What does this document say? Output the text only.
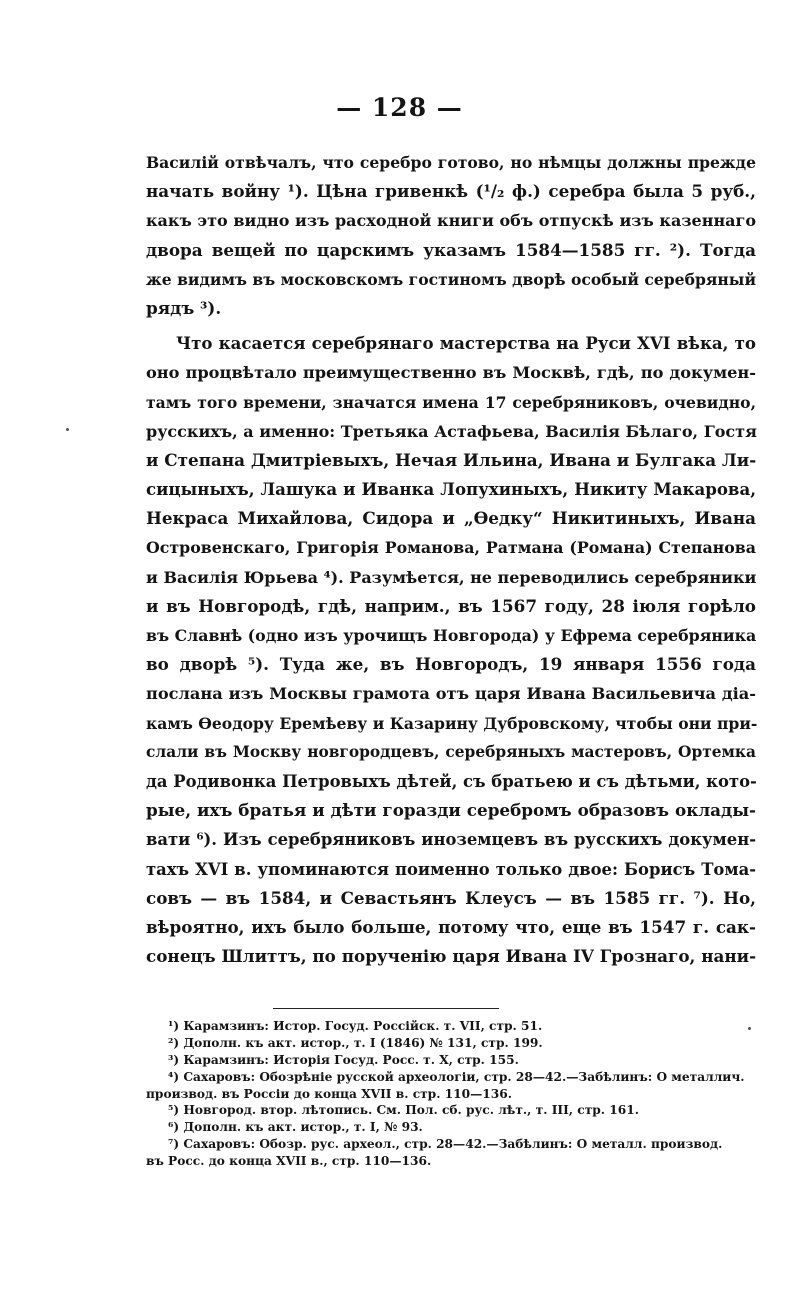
— 128 —
Василій отвѣчалъ, что серебро готово, но нѣмцы должны прежде
начать войну ¹). Цѣна гривенкѣ (¹/₂ ф.) серебра была 5 руб.,
какъ это видно изъ расходной книги объ отпускѣ изъ казеннаго
двора вещей по царскимъ указамъ 1584—1585 гг. ²). Тогда
же видимъ въ московскомъ гостиномъ дворѣ особый серебряный
рядъ ³).
Что касается серебрянаго мастерства на Руси XVI вѣка, то
оно процвѣтало преимущественно въ Москвѣ, гдѣ, по докумен-
тамъ того времени, значатся имена 17 серебряниковъ, очевидно,
русскихъ, а именно: Третьяка Астафьева, Василія Бѣлаго, Гостя
и Степана Дмитріевыхъ, Нечая Ильина, Ивана и Булгака Ли-
сицыныхъ, Лашука и Иванка Лопухиныхъ, Никиту Макарова,
Некраса Михайлова, Сидора и „Ѳедку“ Никитиныхъ, Ивана
Островенскаго, Григорія Романова, Ратмана (Романа) Степанова
и Василія Юрьева ⁴). Разумѣется, не переводились серебряники
и въ Новгородѣ, гдѣ, наприм., въ 1567 году, 28 іюля горѣло
въ Славнѣ (одно изъ урочищъ Новгорода) у Ефрема серебряника
во дворѣ ⁵). Туда же, въ Новгородъ, 19 января 1556 года
послана изъ Москвы грамота отъ царя Ивана Васильевича діа-
камъ Ѳеодору Еремѣеву и Казарину Дубровскому, чтобы они при-
слали въ Москву новгородцевъ, серебряныхъ мастеровъ, Ортемка
да Родивонка Петровыхъ дѣтей, съ братьею и съ дѣтьми, кото-
рые, ихъ братья и дѣти горазди серебромъ образовъ оклады-
вати ⁶). Изъ серебряниковъ иноземцевъ въ русскихъ докумен-
тахъ XVI в. упоминаются поименно только двое: Борисъ Тома-
совъ — въ 1584, и Севастьянъ Клеусъ — въ 1585 гг. ⁷). Но,
вѣроятно, ихъ было больше, потому что, еще въ 1547 г. сак-
сонецъ Шлиттъ, по порученію царя Ивана IV Грознаго, нани-
¹) Карамзинъ: Истор. Госуд. Россійск. т. VII, стр. 51.
²) Дополн. къ акт. истор., т. I (1846) № 131, стр. 199.
³) Карамзинъ: Исторія Госуд. Росс. т. X, стр. 155.
⁴) Сахаровъ: Обозрѣніе русской археологіи, стр. 28—42.—Забѣлинъ: О металлич.
производ. въ Россіи до конца XVII в. стр. 110—136.
⁵) Новгород. втор. лѣтопись. См. Пол. сб. рус. лѣт., т. III, стр. 161.
⁶) Дополн. къ акт. истор., т. I, № 93.
⁷) Сахаровъ: Обозр. рус. археол., стр. 28—42.—Забѣлинъ: О металл. производ.
въ Росс. до конца XVII в., стр. 110—136.
